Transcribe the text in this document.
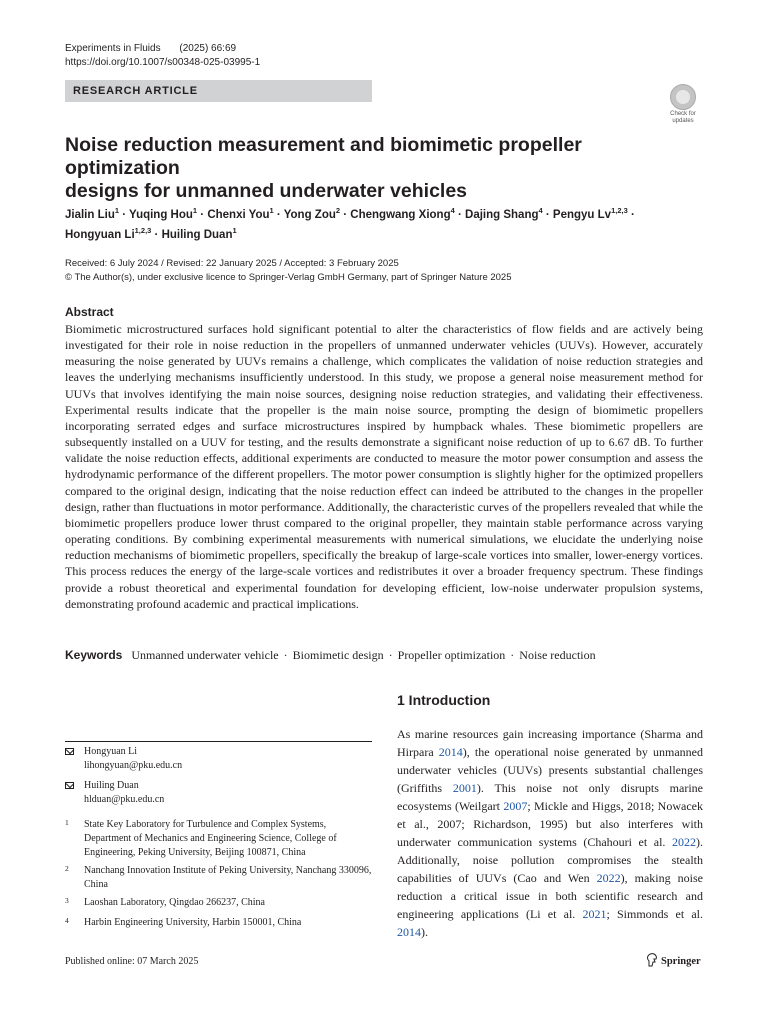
Experiments in Fluids (2025) 66:69
https://doi.org/10.1007/s00348-025-03995-1
RESEARCH ARTICLE
Check for
updates
Noise reduction measurement and biomimetic propeller optimization
designs for unmanned underwater vehicles
Jialin Liu$^1$ · Yuqing Hou$^1$ · Chenxi You$^1$ · Yong Zou$^2$ · Chengwang Xiong$^4$ · Dajing Shang$^4$ · Pengyu Lv$^{1,2,3}$ ·
Hongyuan Li$^{1,2,3}$ · Huiling Duan$^1$
Received: 6 July 2024 / Revised: 22 January 2025 / Accepted: 3 February 2025
© The Author(s), under exclusive licence to Springer-Verlag GmbH Germany, part of Springer Nature 2025
Abstract
Biomimetic microstructured surfaces hold significant potential to alter the characteristics of flow fields and are actively being investigated for their role in noise reduction in the propellers of unmanned underwater vehicles (UUVs). However, accurately measuring the noise generated by UUVs remains a challenge, which complicates the validation of noise reduction strategies and leaves the underlying mechanisms insufficiently understood. In this study, we propose a general noise measurement method for UUVs that involves identifying the main noise sources, designing noise reduction strategies, and validating their effectiveness. Experimental results indicate that the propeller is the main noise source, prompting the design of biomimetic propellers incorporating serrated edges and surface microstructures inspired by humpback whales. These biomimetic propellers are subsequently installed on a UUV for testing, and the results demonstrate a significant noise reduction of up to 6.67 dB. To further validate the noise reduction effects, additional experiments are conducted to measure the motor power consumption and assess the hydrodynamic performance of the different propellers. The motor power consumption is slightly higher for the optimized propellers compared to the original design, indicating that the noise reduction effect can indeed be attributed to the changes in the propeller design, rather than fluctuations in motor performance. Additionally, the characteristic curves of the propellers revealed that while the biomimetic propellers produce lower thrust compared to the original propeller, they maintain stable performance across varying operating conditions. By combining experimental measurements with numerical simulations, we elucidate the underlying noise reduction mechanisms of biomimetic propellers, specifically the breakup of large-scale vortices into smaller, lower-energy vortices. This process reduces the energy of the large-scale vortices and redistributes it over a broader frequency spectrum. These findings provide a robust theoretical and experimental foundation for developing efficient, low-noise underwater propulsion systems, demonstrating profound academic and practical implications.
Keywords Unmanned underwater vehicle · Biomimetic design · Propeller optimization · Noise reduction
1 Introduction
As marine resources gain increasing importance (Sharma and Hirpara 2014), the operational noise generated by unmanned underwater vehicles (UUVs) presents substantial challenges (Griffiths 2001). This noise not only disrupts marine ecosystems (Weilgart 2007; Mickle and Higgs, 2018; Nowacek et al., 2007; Richardson, 1995) but also interferes with underwater communication systems (Chahouri et al. 2022). Additionally, noise pollution compromises the stealth capabilities of UUVs (Cao and Wen 2022), making noise reduction a critical issue in both scientific research and engineering applications (Li et al. 2021; Simmonds et al. 2014).
Hongyuan Li
lihongyuan@pku.edu.cn
Huiling Duan
hlduan@pku.edu.cn
1 State Key Laboratory for Turbulence and Complex Systems, Department of Mechanics and Engineering Science, College of Engineering, Peking University, Beijing 100871, China
2 Nanchang Innovation Institute of Peking University, Nanchang 330096, China
3 Laoshan Laboratory, Qingdao 266237, China
4 Harbin Engineering University, Harbin 150001, China
Published online: 07 March 2025	Springer
